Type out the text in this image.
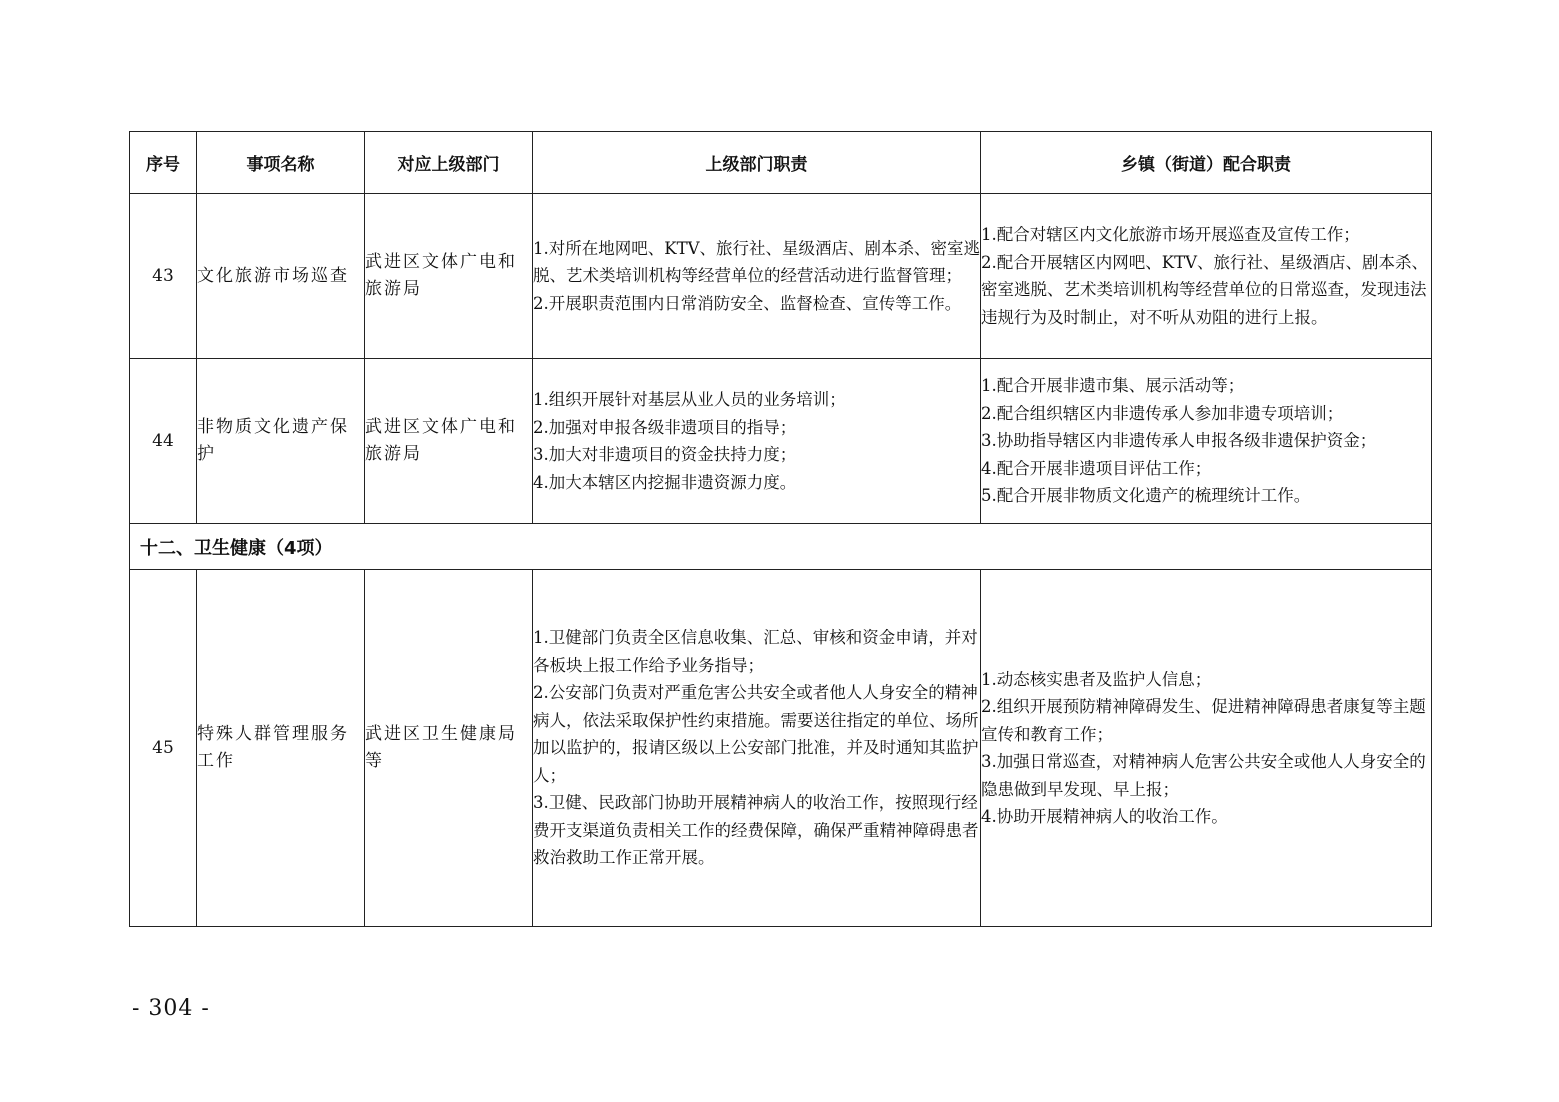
序号	事项名称	对应上级部门	上级部门职责	乡镇（街道）配合职责
43	文化旅游市场巡查	武进区文体广电和旅游局	1.对所在地网吧、KTV、旅行社、星级酒店、剧本杀、密室逃脱、艺术类培训机构等经营单位的经营活动进行监督管理；
2.开展职责范围内日常消防安全、监督检查、宣传等工作。	1.配合对辖区内文化旅游市场开展巡查及宣传工作；
2.配合开展辖区内网吧、KTV、旅行社、星级酒店、剧本杀、密室逃脱、艺术类培训机构等经营单位的日常巡查，发现违法违规行为及时制止，对不听从劝阻的进行上报。

44	非物质文化遗产保护	武进区文体广电和旅游局	1.组织开展针对基层从业人员的业务培训；
2.加强对申报各级非遗项目的指导；
3.加大对非遗项目的资金扶持力度；
4.加大本辖区内挖掘非遗资源力度。	1.配合开展非遗市集、展示活动等；
2.配合组织辖区内非遗传承人参加非遗专项培训；
3.协助指导辖区内非遗传承人申报各级非遗保护资金；
4.配合开展非遗项目评估工作；
5.配合开展非物质文化遗产的梳理统计工作。

十二、卫生健康（4项）				
45	特殊人群管理服务工作	武进区卫生健康局等	1.卫健部门负责全区信息收集、汇总、审核和资金申请，并对各板块上报工作给予业务指导；
2.公安部门负责对严重危害公共安全或者他人人身安全的精神病人，依法采取保护性约束措施。需要送往指定的单位、场所加以监护的，报请区级以上公安部门批准，并及时通知其监护人；
3.卫健、民政部门协助开展精神病人的收治工作，按照现行经费开支渠道负责相关工作的经费保障，确保严重精神障碍患者救治救助工作正常开展。	1.动态核实患者及监护人信息；
2.组织开展预防精神障碍发生、促进精神障碍患者康复等主题宣传和教育工作；
3.加强日常巡查，对精神病人危害公共安全或他人人身安全的隐患做到早发现、早上报；
4.协助开展精神病人的收治工作。
- 304 -
